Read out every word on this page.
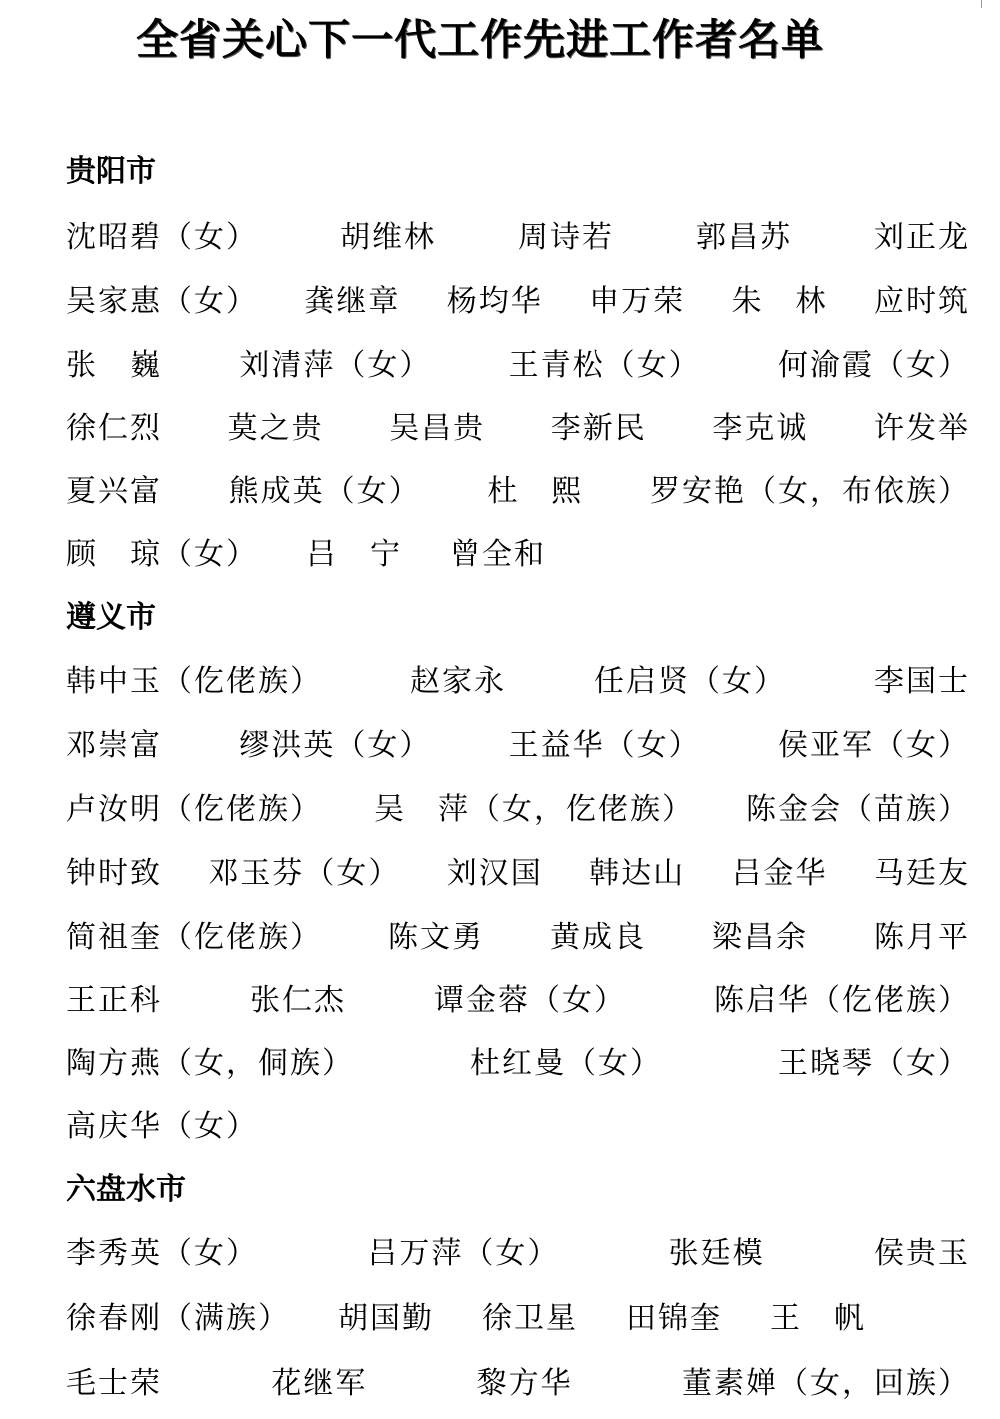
全省关心下一代工作先进工作者名单
贵阳市
沈昭碧（女）	胡维林	周诗若	郭昌苏	刘正龙
吴家惠（女） 龚继章 杨均华 申万荣 朱　林 应时筑
张　巍	刘清萍（女）	王青松（女）	何渝霞（女）
徐仁烈 莫之贵 吴昌贵 李新民 李克诚 许发举
夏兴富 熊成英（女） 杜　熙 罗安艳（女，布依族）
顾　琼（女） 吕　宁 曾全和
遵义市
韩中玉（仡佬族）	赵家永	任启贤（女）	李国士
邓崇富	缪洪英（女）	王益华（女）	侯亚军（女）
卢汝明（仡佬族） 吴　萍（女，仡佬族） 陈金会（苗族）
钟时致 邓玉芬（女） 刘汉国 韩达山 吕金华 马廷友
简祖奎（仡佬族） 陈文勇 黄成良 梁昌余 陈月平
王正科	张仁杰	谭金蓉（女）	陈启华（仡佬族）
陶方燕（女，侗族）	杜红曼（女）	王晓琴（女）
高庆华（女）
六盘水市
李秀英（女）	吕万萍（女）	张廷模	侯贵玉
徐春刚（满族） 胡国勤 徐卫星 田锦奎 王　帆
毛士荣	花继军	黎方华	董素婵（女，回族）
